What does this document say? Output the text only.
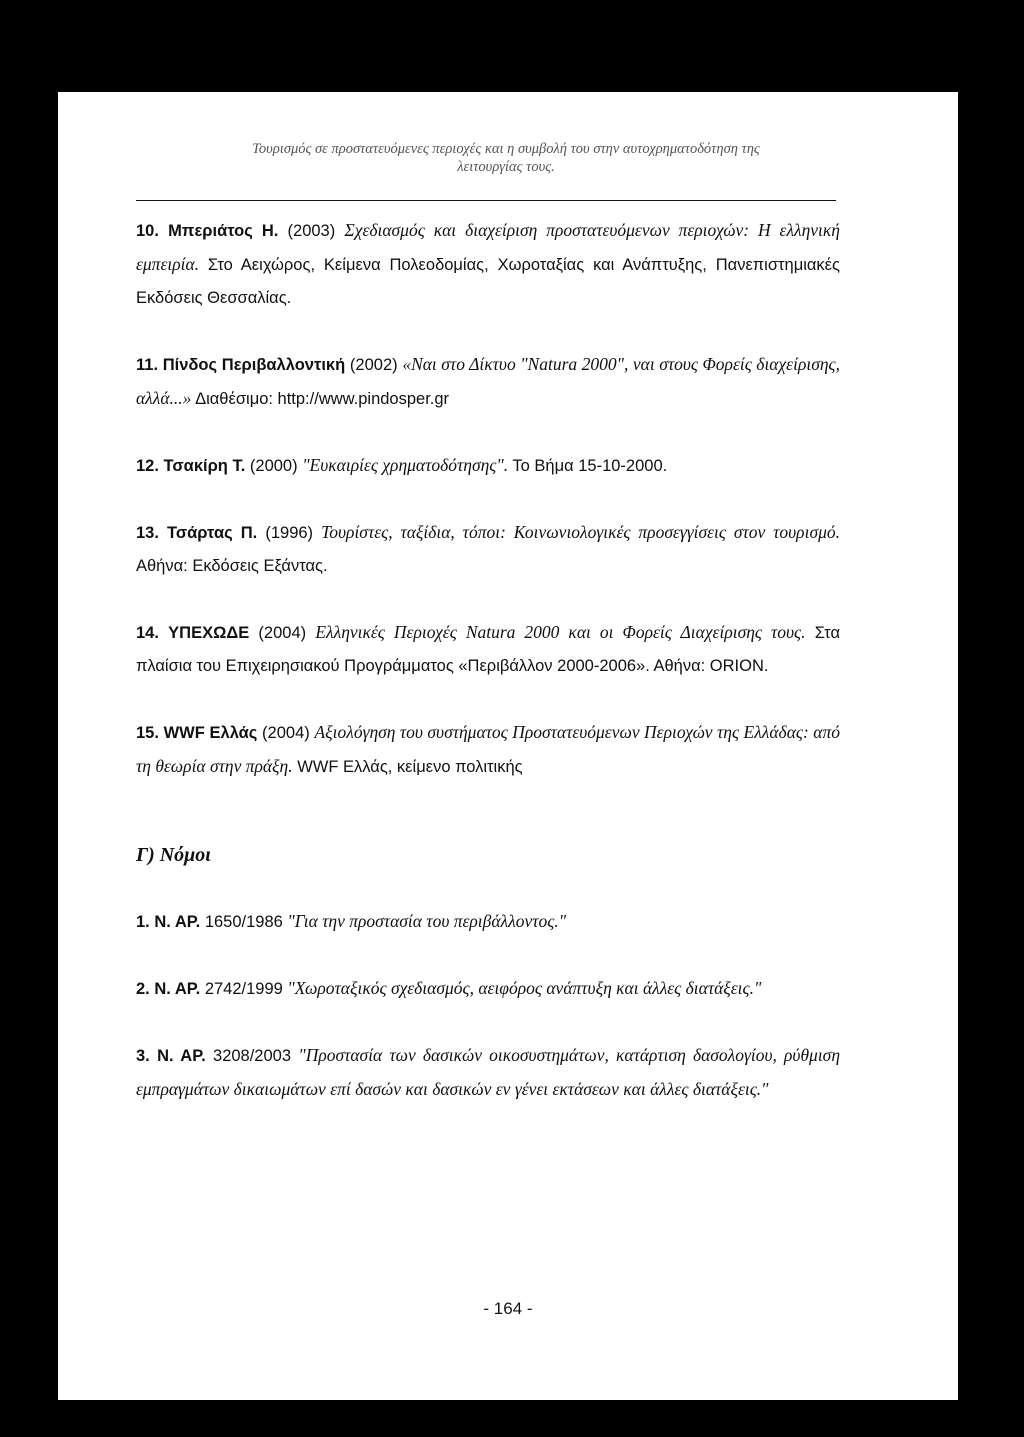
Τουρισμός σε προστατευόμενες περιοχές και η συμβολή του στην αυτοχρηματοδότηση της
λειτουργίας τους.

10. Μπεριάτος Η. (2003) Σχεδιασμός και διαχείριση προστατευόμενων περιοχών: Η ελληνική εμπειρία. Στο Αειχώρος, Κείμενα Πολεοδομίας, Χωροταξίας και Ανάπτυξης, Πανεπιστημιακές Εκδόσεις Θεσσαλίας.

11. Πίνδος Περιβαλλοντική (2002) «Ναι στο Δίκτυο "Natura 2000", ναι στους Φορείς διαχείρισης, αλλά...» Διαθέσιμο: http://www.pindosper.gr

12. Τσακίρη Τ. (2000) "Ευκαιρίες χρηματοδότησης". Το Βήμα 15-10-2000.

13. Τσάρτας Π. (1996) Τουρίστες, ταξίδια, τόποι: Κοινωνιολογικές προσεγγίσεις στον τουρισμό. Αθήνα: Εκδόσεις Εξάντας.

14. ΥΠΕΧΩΔΕ (2004) Ελληνικές Περιοχές Natura 2000 και οι Φορείς Διαχείρισης τους. Στα πλαίσια του Επιχειρησιακού Προγράμματος «Περιβάλλον 2000-2006». Αθήνα: ORION.

15. WWF Ελλάς (2004) Αξιολόγηση του συστήματος Προστατευόμενων Περιοχών της Ελλάδας: από τη θεωρία στην πράξη. WWF Ελλάς, κείμενο πολιτικής

Γ) Νόμοι

1. Ν. ΑΡ. 1650/1986 "Για την προστασία του περιβάλλοντος."

2. Ν. ΑΡ. 2742/1999 "Χωροταξικός σχεδιασμός, αειφόρος ανάπτυξη και άλλες διατάξεις."

3. Ν. ΑΡ. 3208/2003 "Προστασία των δασικών οικοσυστημάτων, κατάρτιση δασολογίου, ρύθμιση εμπραγμάτων δικαιωμάτων επί δασών και δασικών εν γένει εκτάσεων και άλλες διατάξεις."

- 164 -
